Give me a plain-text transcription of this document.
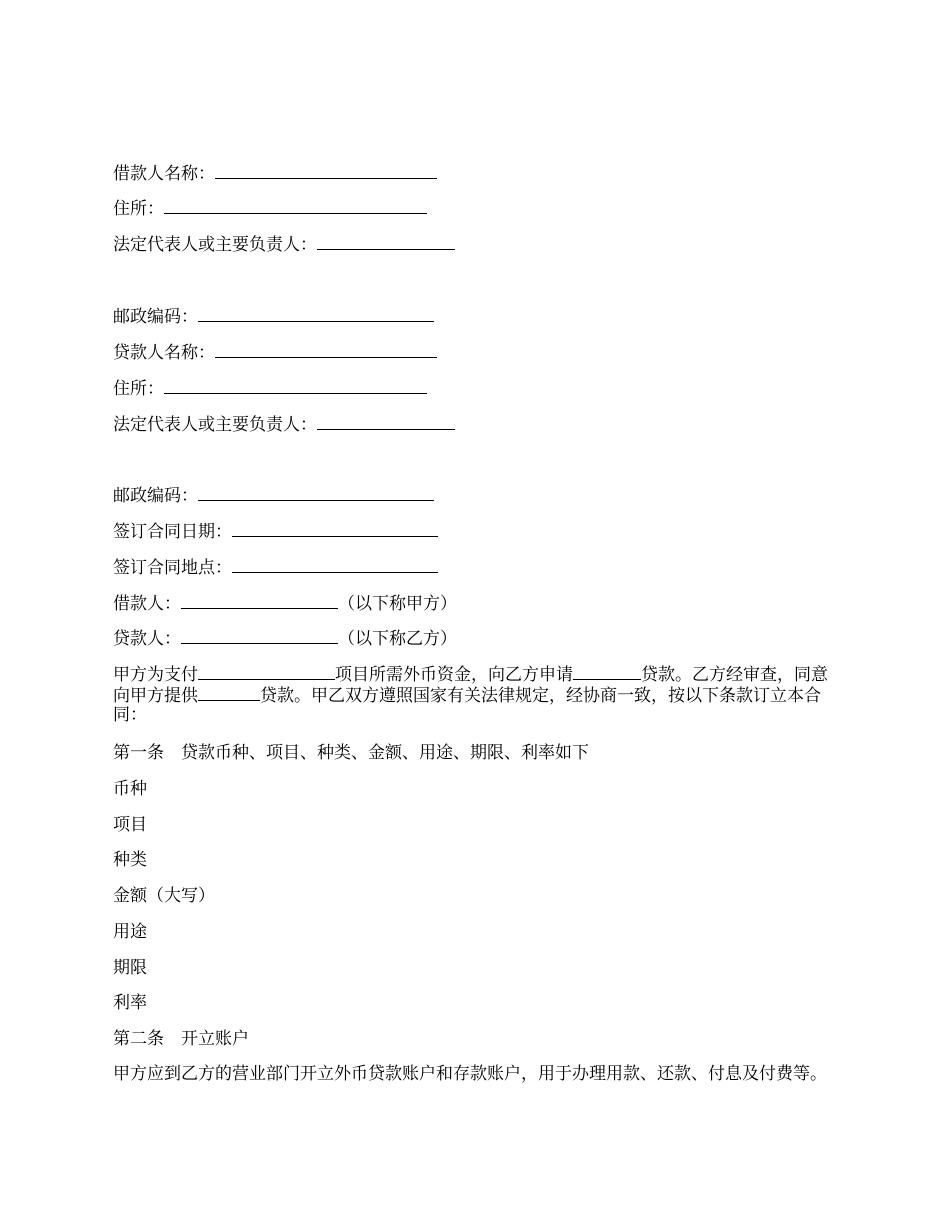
借款人名称：
住所：
法定代表人或主要负责人：
邮政编码：
贷款人名称：
住所：
法定代表人或主要负责人：
邮政编码：
签订合同日期：
签订合同地点：
借款人：	（以下称甲方）
贷款人：	（以下称乙方）
甲方为支付	项目所需外币资金，向乙方申请	贷款。乙方经审查，同意向甲方提供	贷款。甲乙双方遵照国家有关法律规定，经协商一致，按以下条款订立本合同：
第一条　贷款币种、项目、种类、金额、用途、期限、利率如下
币种
项目
种类
金额（大写）
用途
期限
利率
第二条　开立账户
甲方应到乙方的营业部门开立外币贷款账户和存款账户，用于办理用款、还款、付息及付费等。
